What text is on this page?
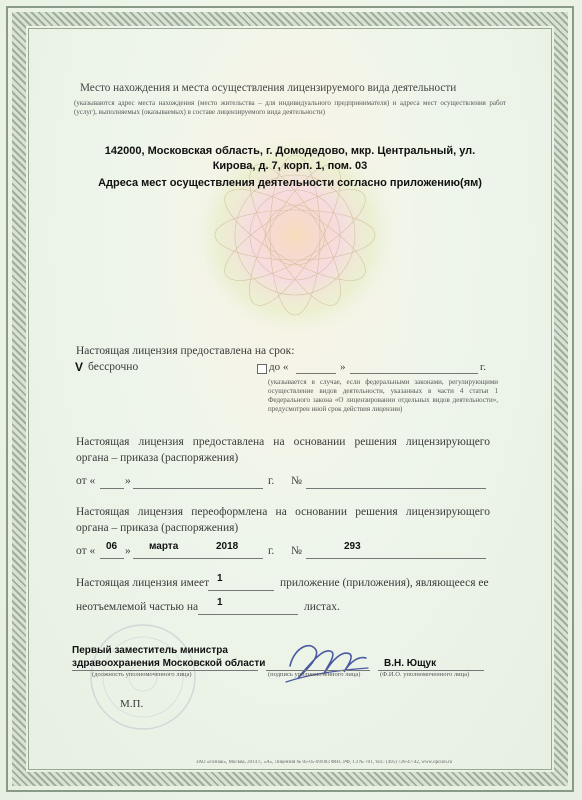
Место нахождения и места осуществления лицензируемого вида деятельности
(указываются адрес места нахождения (место жительства – для индивидуального предпринимателя) и адреса мест осуществления работ (услуг), выполняемых (оказываемых) в составе лицензируемого вида деятельности)
142000, Московская область, г. Домодедово, мкр. Центральный, ул.
Кирова, д. 7, корп. 1, пом. 03
Адреса мест осуществления деятельности согласно приложению(ям)
Настоящая лицензия предоставлена на срок:
V бессрочно	до «	»	г.
(указывается в случае, если федеральными законами, регулирующими осуществление видов деятельности, указанных в части 4 статьи 1 Федерального закона «О лицензировании отдельных видов деятельности», предусмотрен иной срок действия лицензии)
Настоящая лицензия предоставлена на основании решения лицензирующего
органа – приказа (распоряжения)
от «	»	г. №
Настоящая лицензия переоформлена на основании решения лицензирующего
органа – приказа (распоряжения)
от « 06 » марта	2018	г. №	293
Настоящая лицензия имеет 1	приложение (приложения), являющееся ее
неотъемлемой частью на 1	листах.
Первый заместитель министра
здравоохранения Московской области
(должность уполномоченного лица)	(подпись уполномоченного лица)
В.Н. Ющук
(Ф.И.О. уполномоченного лица)
М.П.
ЗАО «Гознак», Москва, 2014 г., «А», Лицензия № 05-05-09/003 ФНС РФ, ТЗ № 701, тел.: (495) 726-47-42, www.opcion.ru
